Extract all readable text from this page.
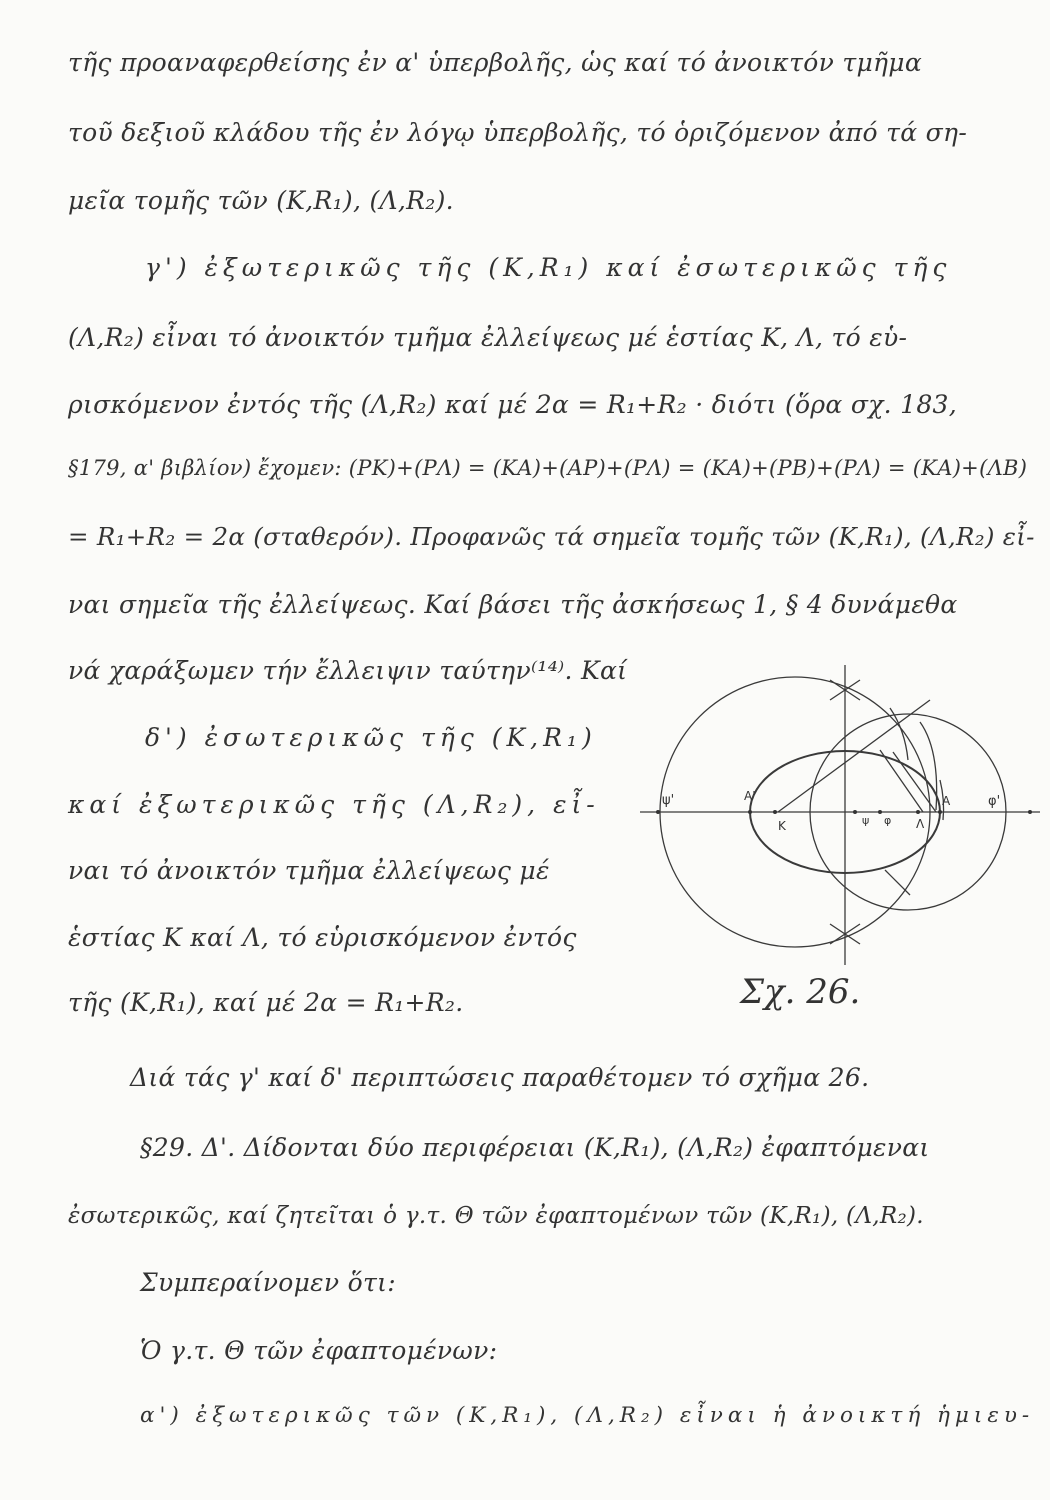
τῆς προαναφερθείσης ἐν α' ὑπερβολῆς, ὡς καί τό ἀνοικτόν τμῆμα
τοῦ δεξιοῦ κλάδου τῆς ἐν λόγῳ ὑπερβολῆς, τό ὁριζόμενον ἀπό τά ση-
μεῖα τομῆς τῶν (Κ,R₁), (Λ,R₂).
γ') ἐξωτερικῶς τῆς (Κ,R₁) καί ἐσωτερικῶς τῆς
(Λ,R₂) εἶναι τό ἀνοικτόν τμῆμα ἐλλείψεως μέ ἑστίας Κ, Λ, τό εὑ-
ρισκόμενον ἐντός τῆς (Λ,R₂) καί μέ 2α = R₁+R₂ · διότι (ὅρα σχ. 183,
§179, α' βιβλίον) ἔχομεν: (ΡΚ)+(ΡΛ) = (ΚΑ)+(ΑΡ)+(ΡΛ) = (ΚΑ)+(ΡΒ)+(ΡΛ) = (ΚΑ)+(ΛΒ)
= R₁+R₂ = 2α (σταθερόν). Προφανῶς τά σημεῖα τομῆς τῶν (Κ,R₁), (Λ,R₂) εἶ-
ναι σημεῖα τῆς ἐλλείψεως. Καί βάσει τῆς ἀσκήσεως 1, § 4 δυνάμεθα
νά χαράξωμεν τήν ἔλλειψιν ταύτην⁽¹⁴⁾. Καί
δ') ἐσωτερικῶς τῆς (Κ,R₁)
καί ἐξωτερικῶς τῆς (Λ,R₂), εἶ-
ναι τό ἀνοικτόν τμῆμα ἐλλείψεως μέ
ἑστίας Κ καί Λ, τό εὑρισκόμενον ἐντός
τῆς (Κ,R₁), καί μέ 2α = R₁+R₂.
ψ'	Α'
Κ	ψ φ Λ
Α	φ'
Σχ. 26.
Διά τάς γ' καί δ' περιπτώσεις παραθέτομεν τό σχῆμα 26.
§29. Δ'. Δίδονται δύο περιφέρειαι (Κ,R₁), (Λ,R₂) ἐφαπτόμεναι
ἐσωτερικῶς, καί ζητεῖται ὁ γ.τ. Θ τῶν ἐφαπτομένων τῶν (Κ,R₁), (Λ,R₂).
Συμπεραίνομεν ὅτι:
Ὁ γ.τ. Θ τῶν ἐφαπτομένων:
α') ἐξωτερικῶς τῶν (Κ,R₁), (Λ,R₂) εἶναι ἡ ἀνοικτή ἡμιευ-
